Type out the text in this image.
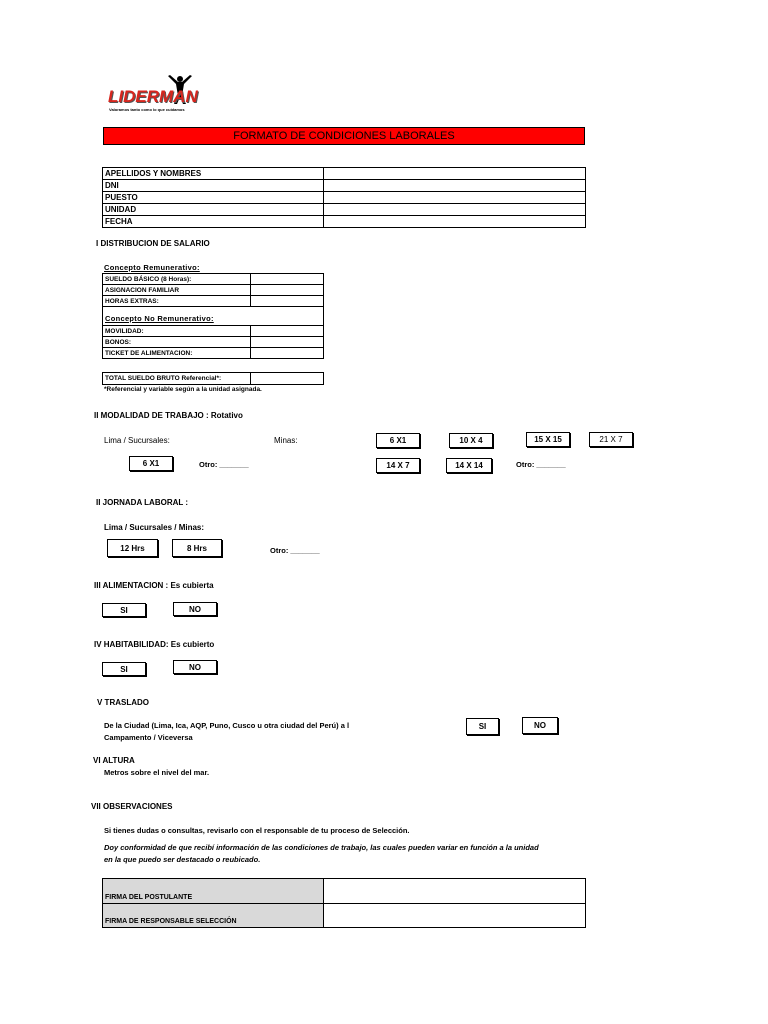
LIDERMAN
Valoramos tanto como lo que cuidamos
FORMATO DE CONDICIONES LABORALES
APELLIDOS Y NOMBRES	
DNI	
PUESTO	
UNIDAD	
FECHA	
I DISTRIBUCION DE SALARIO
Concepto Remunerativo:
SUELDO BÁSICO (8 Horas):	
ASIGNACION FAMILIAR	
HORAS EXTRAS:	
Concepto No Remunerativo:
MOVILIDAD:	
BONOS:	
TICKET DE ALIMENTACION:	
TOTAL SUELDO BRUTO Referencial*:	
*Referencial y variable según a la unidad asignada.
II MODALIDAD DE TRABAJO : Rotativo
Lima / Sucursales:	Minas:	6 X1	10 X 4	15 X 15	21 X 7
6 X1	Otro: _______	14 X 7	14 X 14	Otro: _______
II JORNADA LABORAL :
Lima / Sucursales / Minas:
12 Hrs	8 Hrs	Otro: _______
III ALIMENTACION : Es cubierta
SI	NO
IV HABITABILIDAD: Es cubierto
SI	NO
V TRASLADO
De la Ciudad (Lima, Ica, AQP, Puno, Cusco u otra ciudad del Perú) a l
Campamento / Viceversa
SI	NO
VI ALTURA
Metros sobre el nivel del mar.
VII OBSERVACIONES
Si tienes dudas o consultas, revisarlo con el responsable de tu proceso de Selección.
Doy conformidad de que recibí información de las condiciones de trabajo, las cuales pueden variar en función a la unidad
en la que puedo ser destacado o reubicado.
FIRMA DEL POSTULANTE	
FIRMA DE RESPONSABLE SELECCIÓN	
